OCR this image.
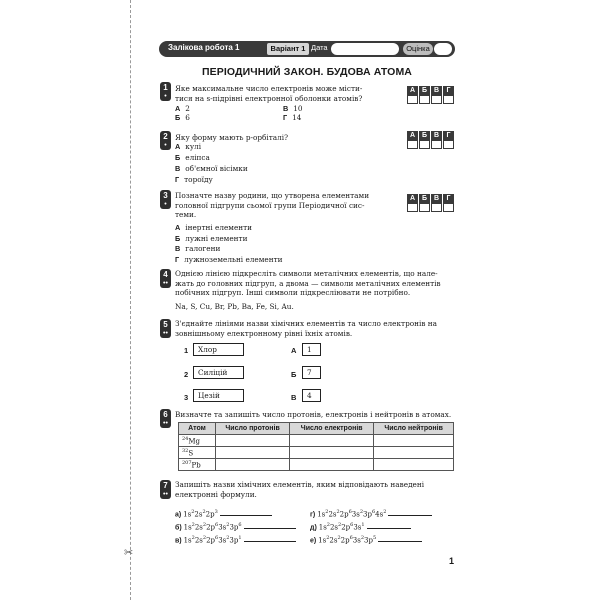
✂
Залікова робота 1	Варіант 1 Дата	Оцінка
ПЕРІОДИЧНИЙ ЗАКОН. БУДОВА АТОМА
1
•
Яке максимальне число електронів може місти-
тися на s-підрівні електронної оболонки атомів?
А 2	В 10
Б 6	Г 14
А Б В	Г
2
•
Яку форму мають p-орбіталі?
А кулі
Б еліпса
В об'ємної вісімки
Г тороїду
А Б В	Г
3
•
Позначте назву родини, що утворена елементами
головної підгрупи сьомої групи Періодичної сис-
теми.
А інертні елементи
Б лужні елементи
В галогени
Г лужноземельні елементи
А Б В	Г
4
••
Однією лінією підкресліть символи металічних елементів, що нале-
жать до головних підгруп, а двома — символи металічних елементів
побічних підгруп. Інші символи підкресліювати не потрібно.
Na, S, Cu, Br, Pb, Ba, Fe, Si, Au.
5
••
З'єднайте лініями назви хімічних елементів та число електронів на
зовнішньому електронному рівні їхніх атомів.
1	Хлор
2	Силіцій
3	Цезій
А	1
Б	7
В	4
6
••
Визначте та запишіть число протонів, електронів і нейтронів в атомах.
Атом	Число протонів	Число електронів	Число нейтронів
$^{24}$Mg			
$^{32}$S			
$^{207}$Pb			
7
••
Запишіть назви хімічних елементів, яким відповідають наведені
електронні формули.
а) $1s^22s^22p^3$	г) $1s^22s^22p^63s^23p^64s^2$
б) $1s^22s^22p^63s^23p^6$	д) $1s^22s^22p^63s^1$
в) $1s^22s^22p^63s^23p^1$	е) $1s^22s^22p^63s^23p^5$
1
